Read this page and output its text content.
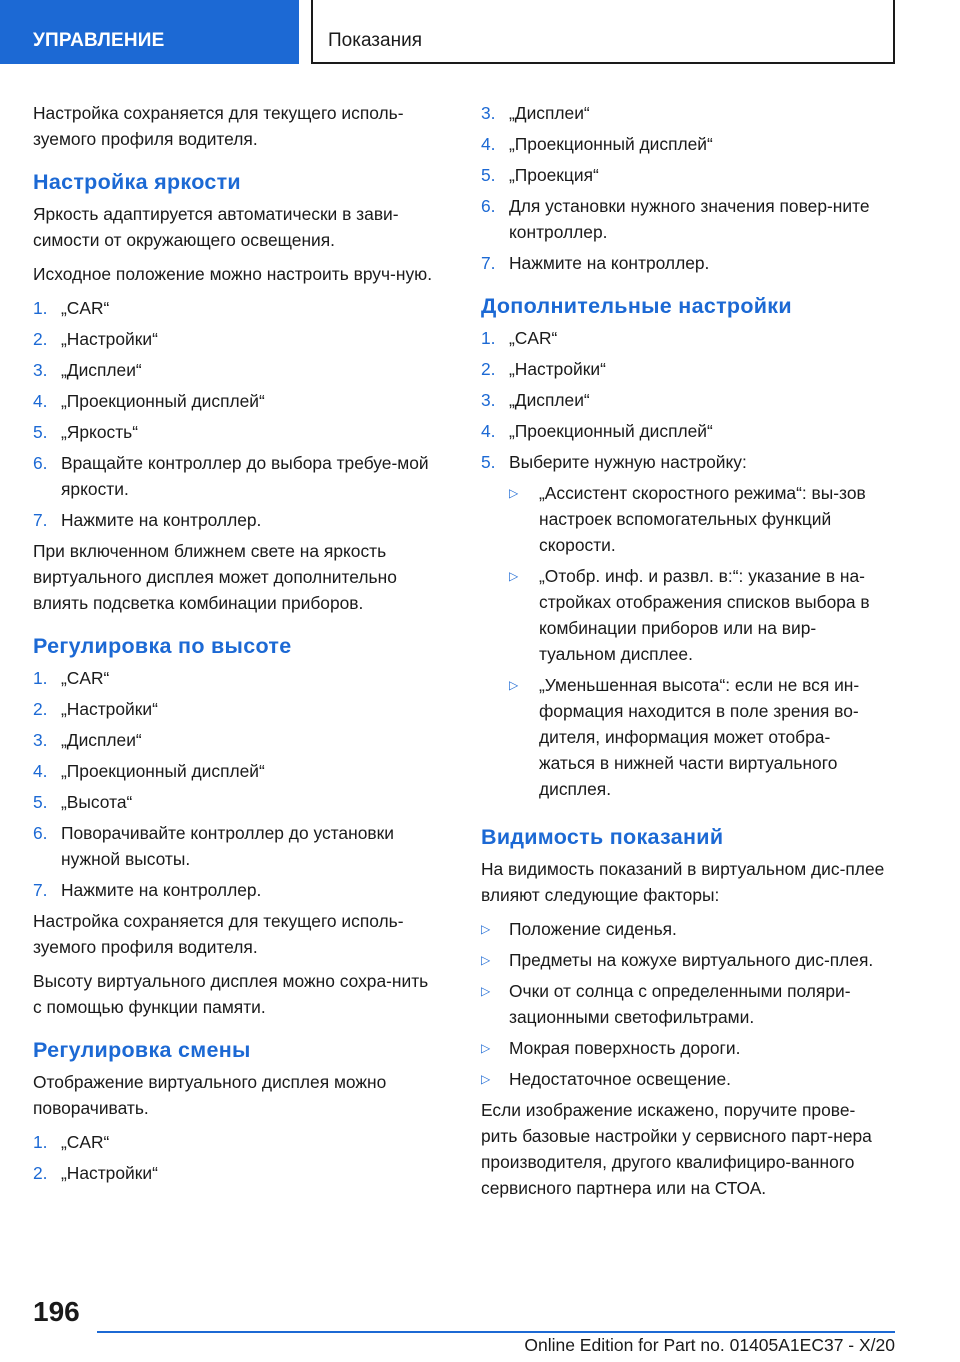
УПРАВЛЕНИЕ	Показания
Настройка сохраняется для текущего исполь‐зуемого профиля водителя.
Настройка яркости
Яркость адаптируется автоматически в зави‐симости от окружающего освещения.
Исходное положение можно настроить вруч‐ную.
1. „CAR“
2. „Настройки“
3. „Дисплеи“
4. „Проекционный дисплей“
5. „Яркость“
6. Вращайте контроллер до выбора требуе‐мой яркости.
7. Нажмите на контроллер.
При включенном ближнем свете на яркость виртуального дисплея может дополнительно влиять подсветка комбинации приборов.
Регулировка по высоте
1. „CAR“
2. „Настройки“
3. „Дисплеи“
4. „Проекционный дисплей“
5. „Высота“
6. Поворачивайте контроллер до установки нужной высоты.
7. Нажмите на контроллер.
Настройка сохраняется для текущего исполь‐зуемого профиля водителя.
Высоту виртуального дисплея можно сохра‐нить с помощью функции памяти.
Регулировка смены
Отображение виртуального дисплея можно поворачивать.
1. „CAR“
2. „Настройки“
3. „Дисплеи“
4. „Проекционный дисплей“
5. „Проекция“
6. Для установки нужного значения повер‐ните контроллер.
7. Нажмите на контроллер.
Дополнительные настройки
1. „CAR“
2. „Настройки“
3. „Дисплеи“
4. „Проекционный дисплей“
5. Выберите нужную настройку:
▷	„Ассистент скоростного режима“: вы‐зов настроек вспомогательных функций скорости.
▷	„Отобр. инф. и развл. в:“: указание в на‐стройках отображения списков выбора в комбинации приборов или на вир‐туальном дисплее.
▷	„Уменьшенная высота“: если не вся ин‐формация находится в поле зрения во‐дителя, информация может отобра‐жаться в нижней части виртуального дисплея.
Видимость показаний
На видимость показаний в виртуальном дис‐плее влияют следующие факторы:
▷	Положение сиденья.
▷	Предметы на кожухе виртуального дис‐плея.
▷	Очки от солнца с определенными поляри‐зационными светофильтрами.
▷	Мокрая поверхность дороги.
▷	Недостаточное освещение.
Если изображение искажено, поручите прове‐рить базовые настройки у сервисного парт‐нера производителя, другого квалифициро‐ванного сервисного партнера или на СТОА.
196
Online Edition for Part no. 01405A1EC37 - X/20
